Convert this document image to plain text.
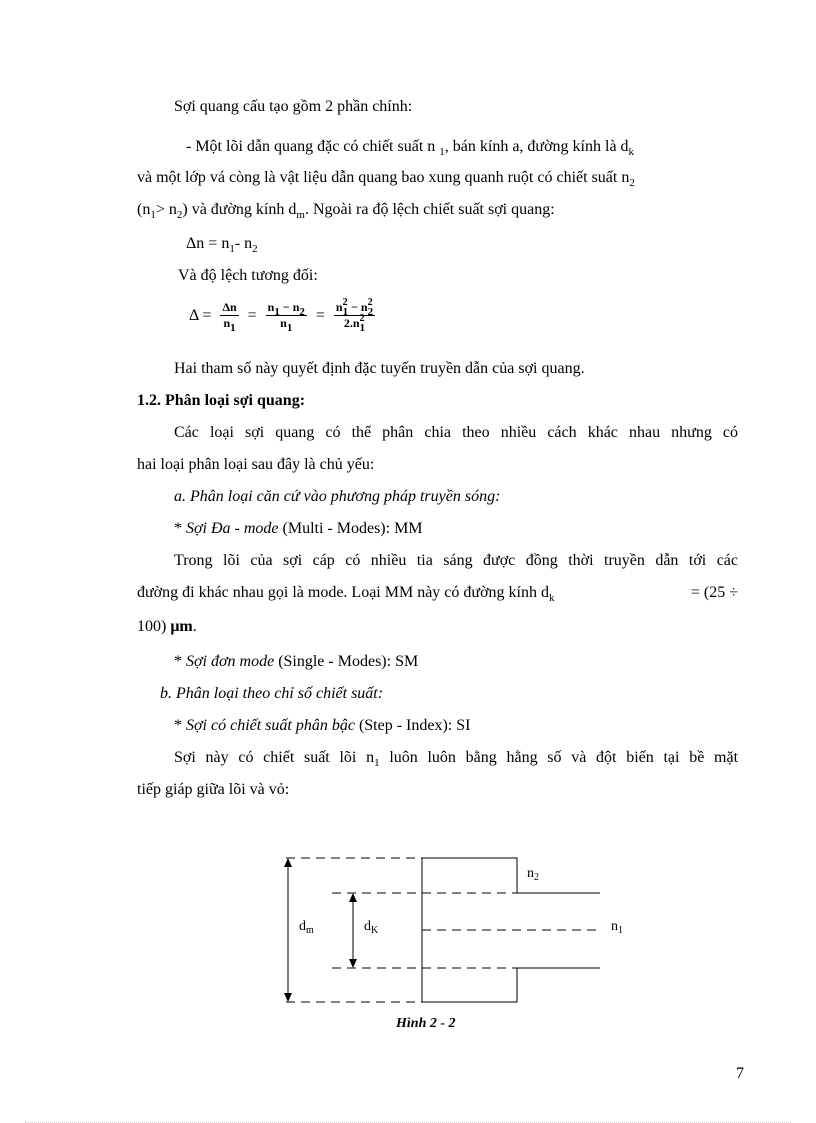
Sợi quang cấu tạo gồm 2 phần chính:
- Một lõi dẫn quang đặc có chiết suất n $_1$, bán kính a, đường kính là $d_k$
và một lớp vá còng là vật liệu dẫn quang bao xung quanh ruột có chiết suất $n_2$
$(n_1> n_2)$ và đường kính $d_m$. Ngoài ra độ lệch chiết suất sợi quang:
$\Delta n = n_1-$ $n_2$
Và độ lệch tương đối:
$\Delta = \frac{\Delta n}{n_1} = \frac{n_1 - n_2}{n_1} = \frac{n^2_1 - n^2_2}{2.n^2_1}$
Hai tham số này quyết định đặc tuyến truyền dẫn của sợi quang.
1.2. Phân loại sợi quang:
Các loại sợi quang có thể phân chia theo nhiều cách khác nhau nhưng có
hai loại phân loại sau đây là chủ yếu:
a. Phân loại căn cứ vào phương pháp truyền sóng:
* Sợi Đa - mode (Multi - Modes): MM
Trong lõi của sợi cáp có nhiều tia sáng được đồng thời truyền dẫn tới các
đường đi khác nhau gọi là mode. Loại MM này có đường kính $d_k$	= (25 ÷
100) μm.
* Sợi đơn mode (Single - Modes): SM
b. Phân loại theo chỉ số chiết suất:
* Sợi có chiết suất phân bậc (Step - Index): SI
Sợi này có chiết suất lõi $n_1$ luôn luôn bằng hằng số và đột biến tại bề mặt
tiếp giáp giữa lõi và vỏ:
$d_m$	$d_K$
$n_2$
$n_1$
Hình 2 - 2
7
